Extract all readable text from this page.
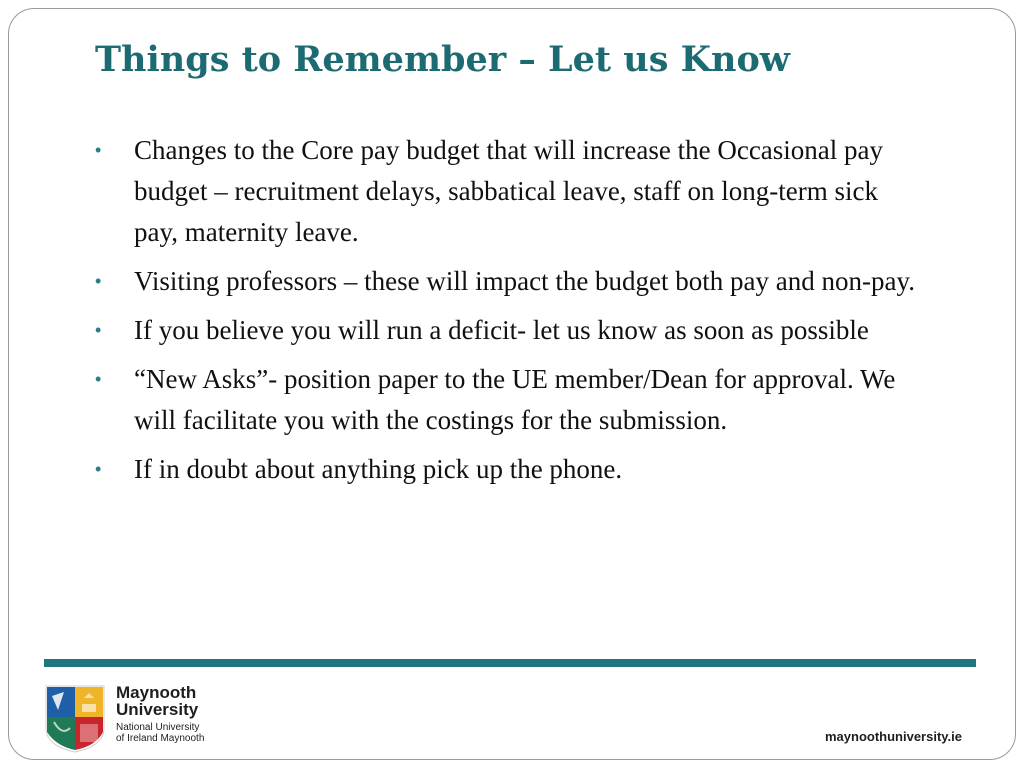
Things to Remember – Let us Know
• Changes to the Core pay budget that will increase the Occasional pay budget – recruitment delays, sabbatical leave, staff on long-term sick pay, maternity leave.
• Visiting professors – these will impact the budget both pay and non-pay.
• If you believe you will run a deficit- let us know as soon as possible
• “New Asks”- position paper to the UE member/Dean for approval. We will facilitate you with the costings for the submission.
• If in doubt about anything pick up the phone.
Maynooth
University
National University
of Ireland Maynooth	maynoothuniversity.ie
